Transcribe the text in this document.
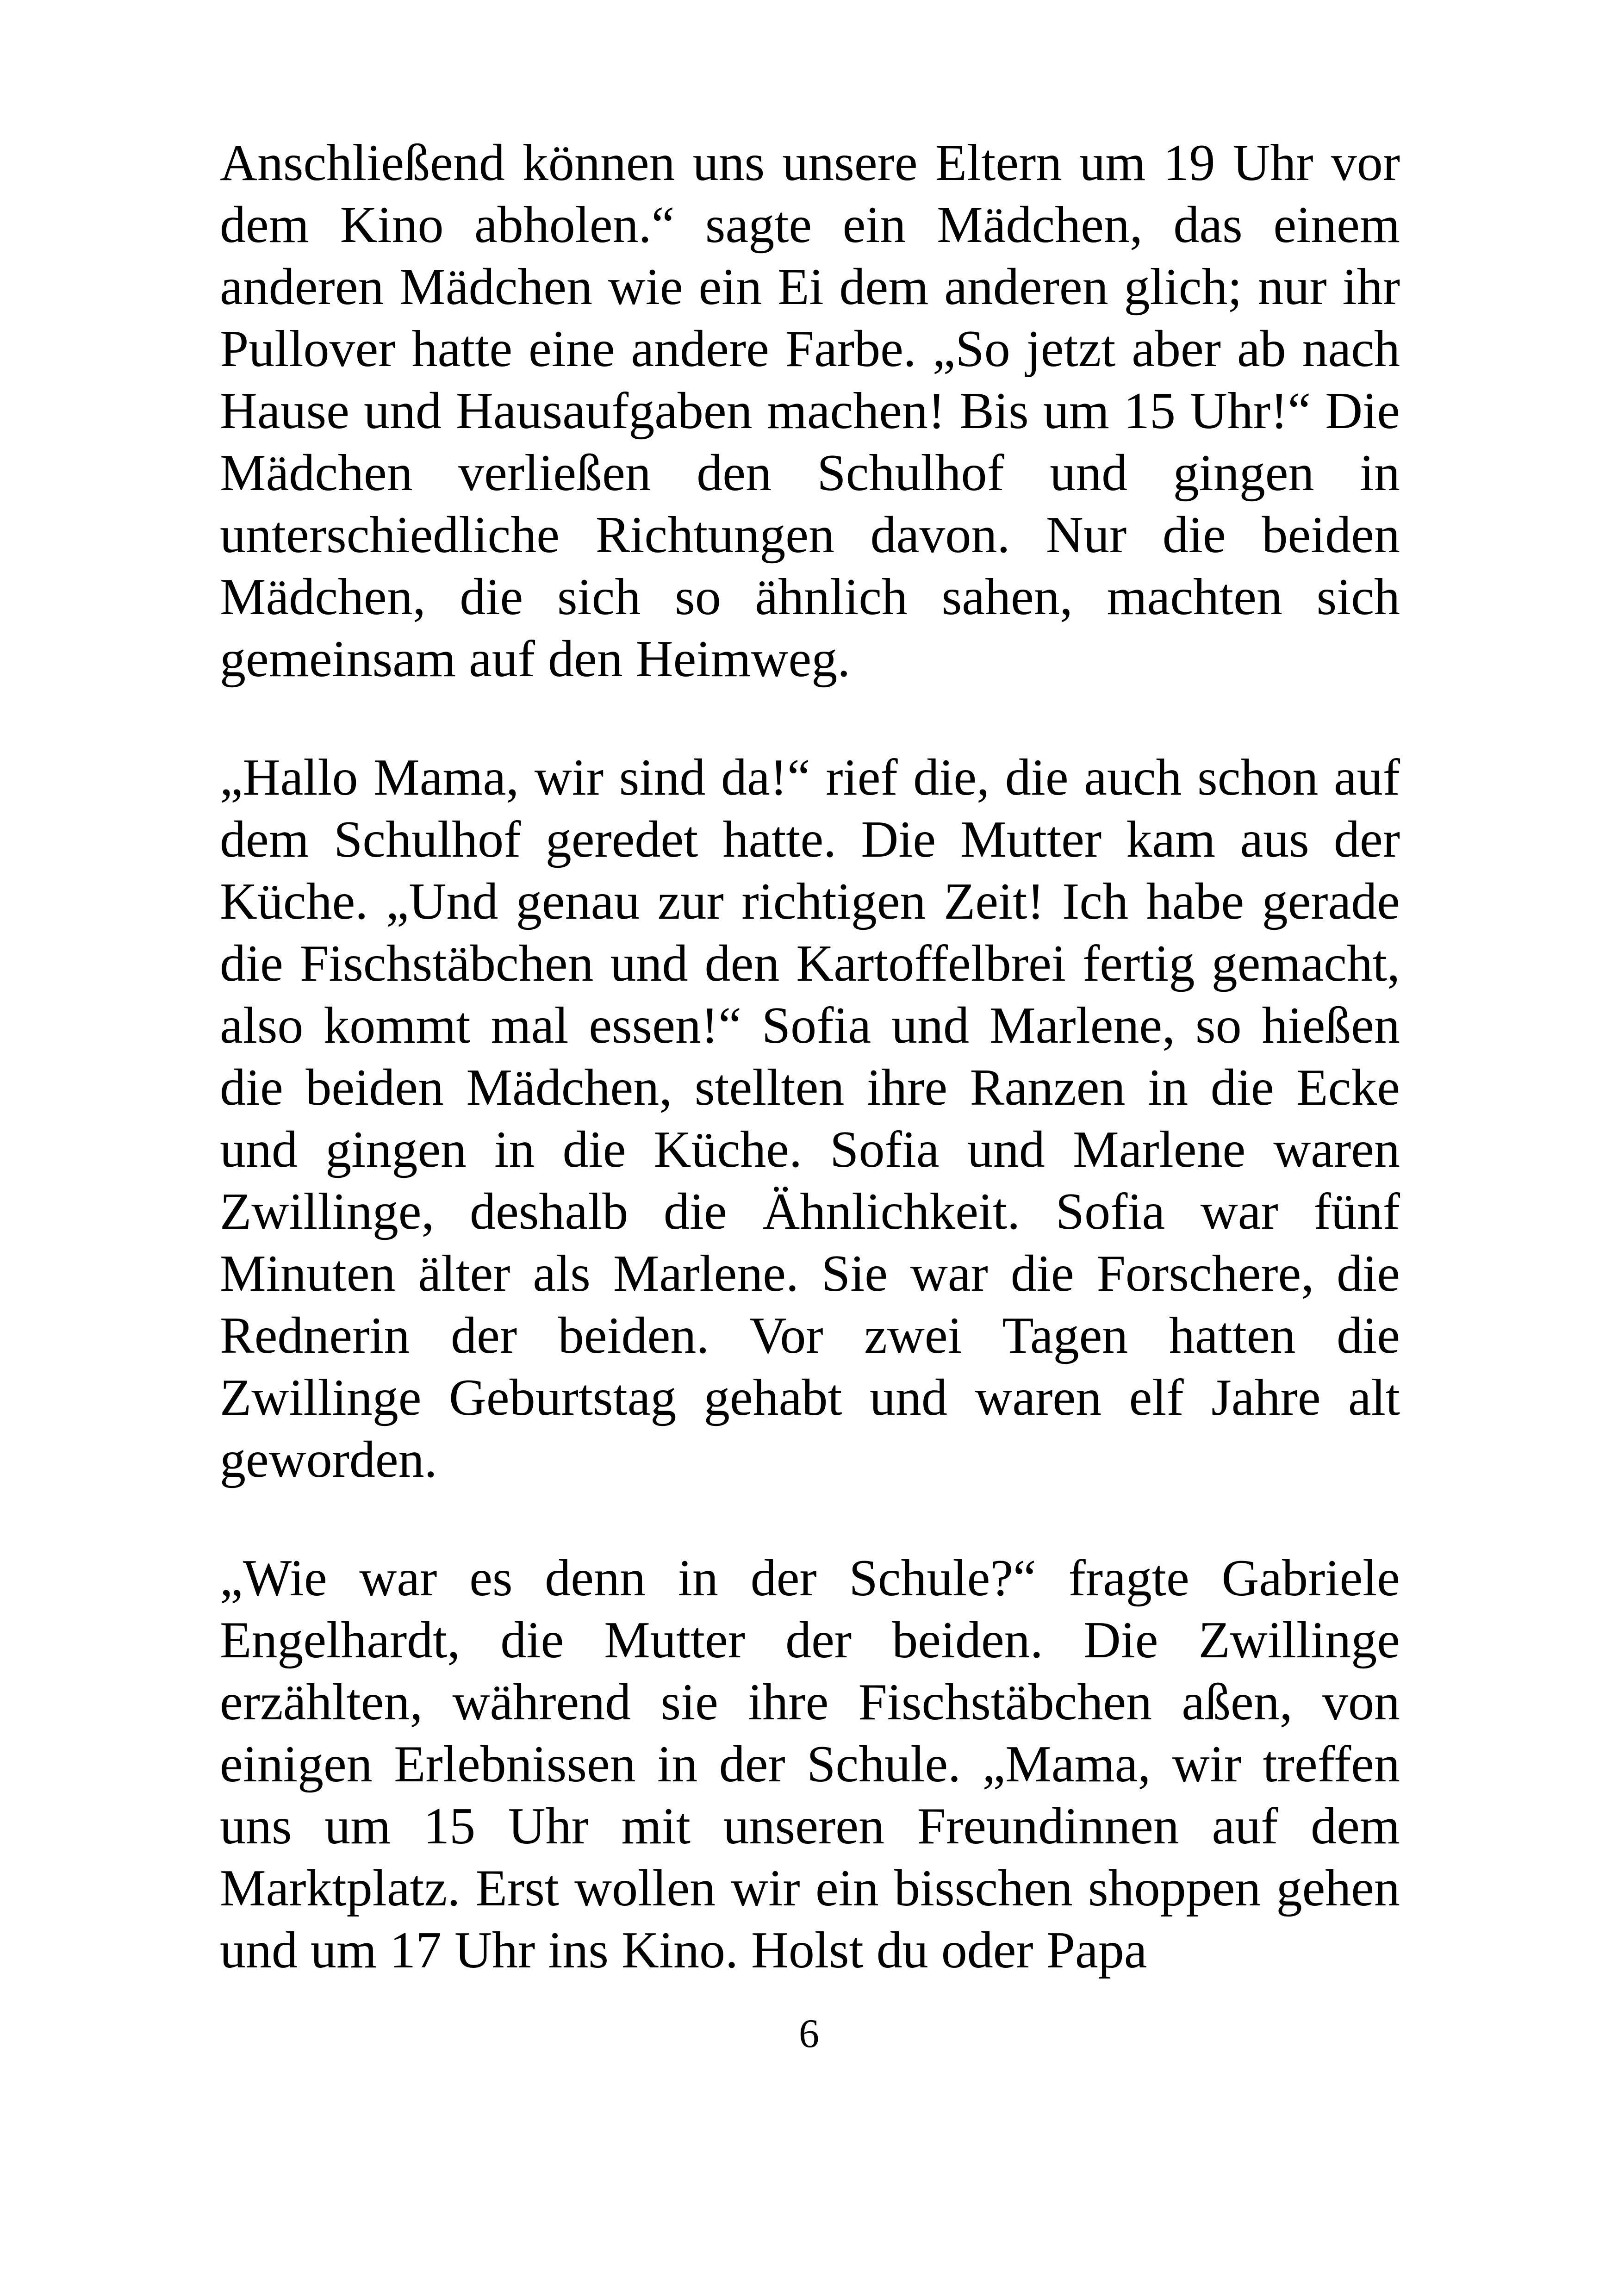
Anschließend können uns unsere Eltern um 19 Uhr vor dem Kino abholen.“ sagte ein Mädchen, das einem anderen Mädchen wie ein Ei dem anderen glich; nur ihr Pullover hatte eine andere Farbe. „So jetzt aber ab nach Hause und Hausaufgaben machen! Bis um 15 Uhr!“ Die Mädchen verließen den Schulhof und gingen in unterschiedliche Richtungen davon. Nur die beiden Mädchen, die sich so ähnlich sahen, machten sich gemeinsam auf den Heimweg.

„Hallo Mama, wir sind da!“ rief die, die auch schon auf dem Schulhof geredet hatte. Die Mutter kam aus der Küche. „Und genau zur richtigen Zeit! Ich habe gerade die Fischstäbchen und den Kartoffelbrei fertig gemacht, also kommt mal essen!“ Sofia und Marlene, so hießen die beiden Mädchen, stellten ihre Ranzen in die Ecke und gingen in die Küche. Sofia und Marlene waren Zwillinge, deshalb die Ähnlichkeit. Sofia war fünf Minuten älter als Marlene. Sie war die Forschere, die Rednerin der beiden. Vor zwei Tagen hatten die Zwillinge Geburtstag gehabt und waren elf Jahre alt geworden.

„Wie war es denn in der Schule?“ fragte Gabriele Engelhardt, die Mutter der beiden. Die Zwillinge erzählten, während sie ihre Fischstäbchen aßen, von einigen Erlebnissen in der Schule. „Mama, wir treffen uns um 15 Uhr mit unseren Freundinnen auf dem Marktplatz. Erst wollen wir ein bisschen shoppen gehen und um 17 Uhr ins Kino. Holst du oder Papa

6
